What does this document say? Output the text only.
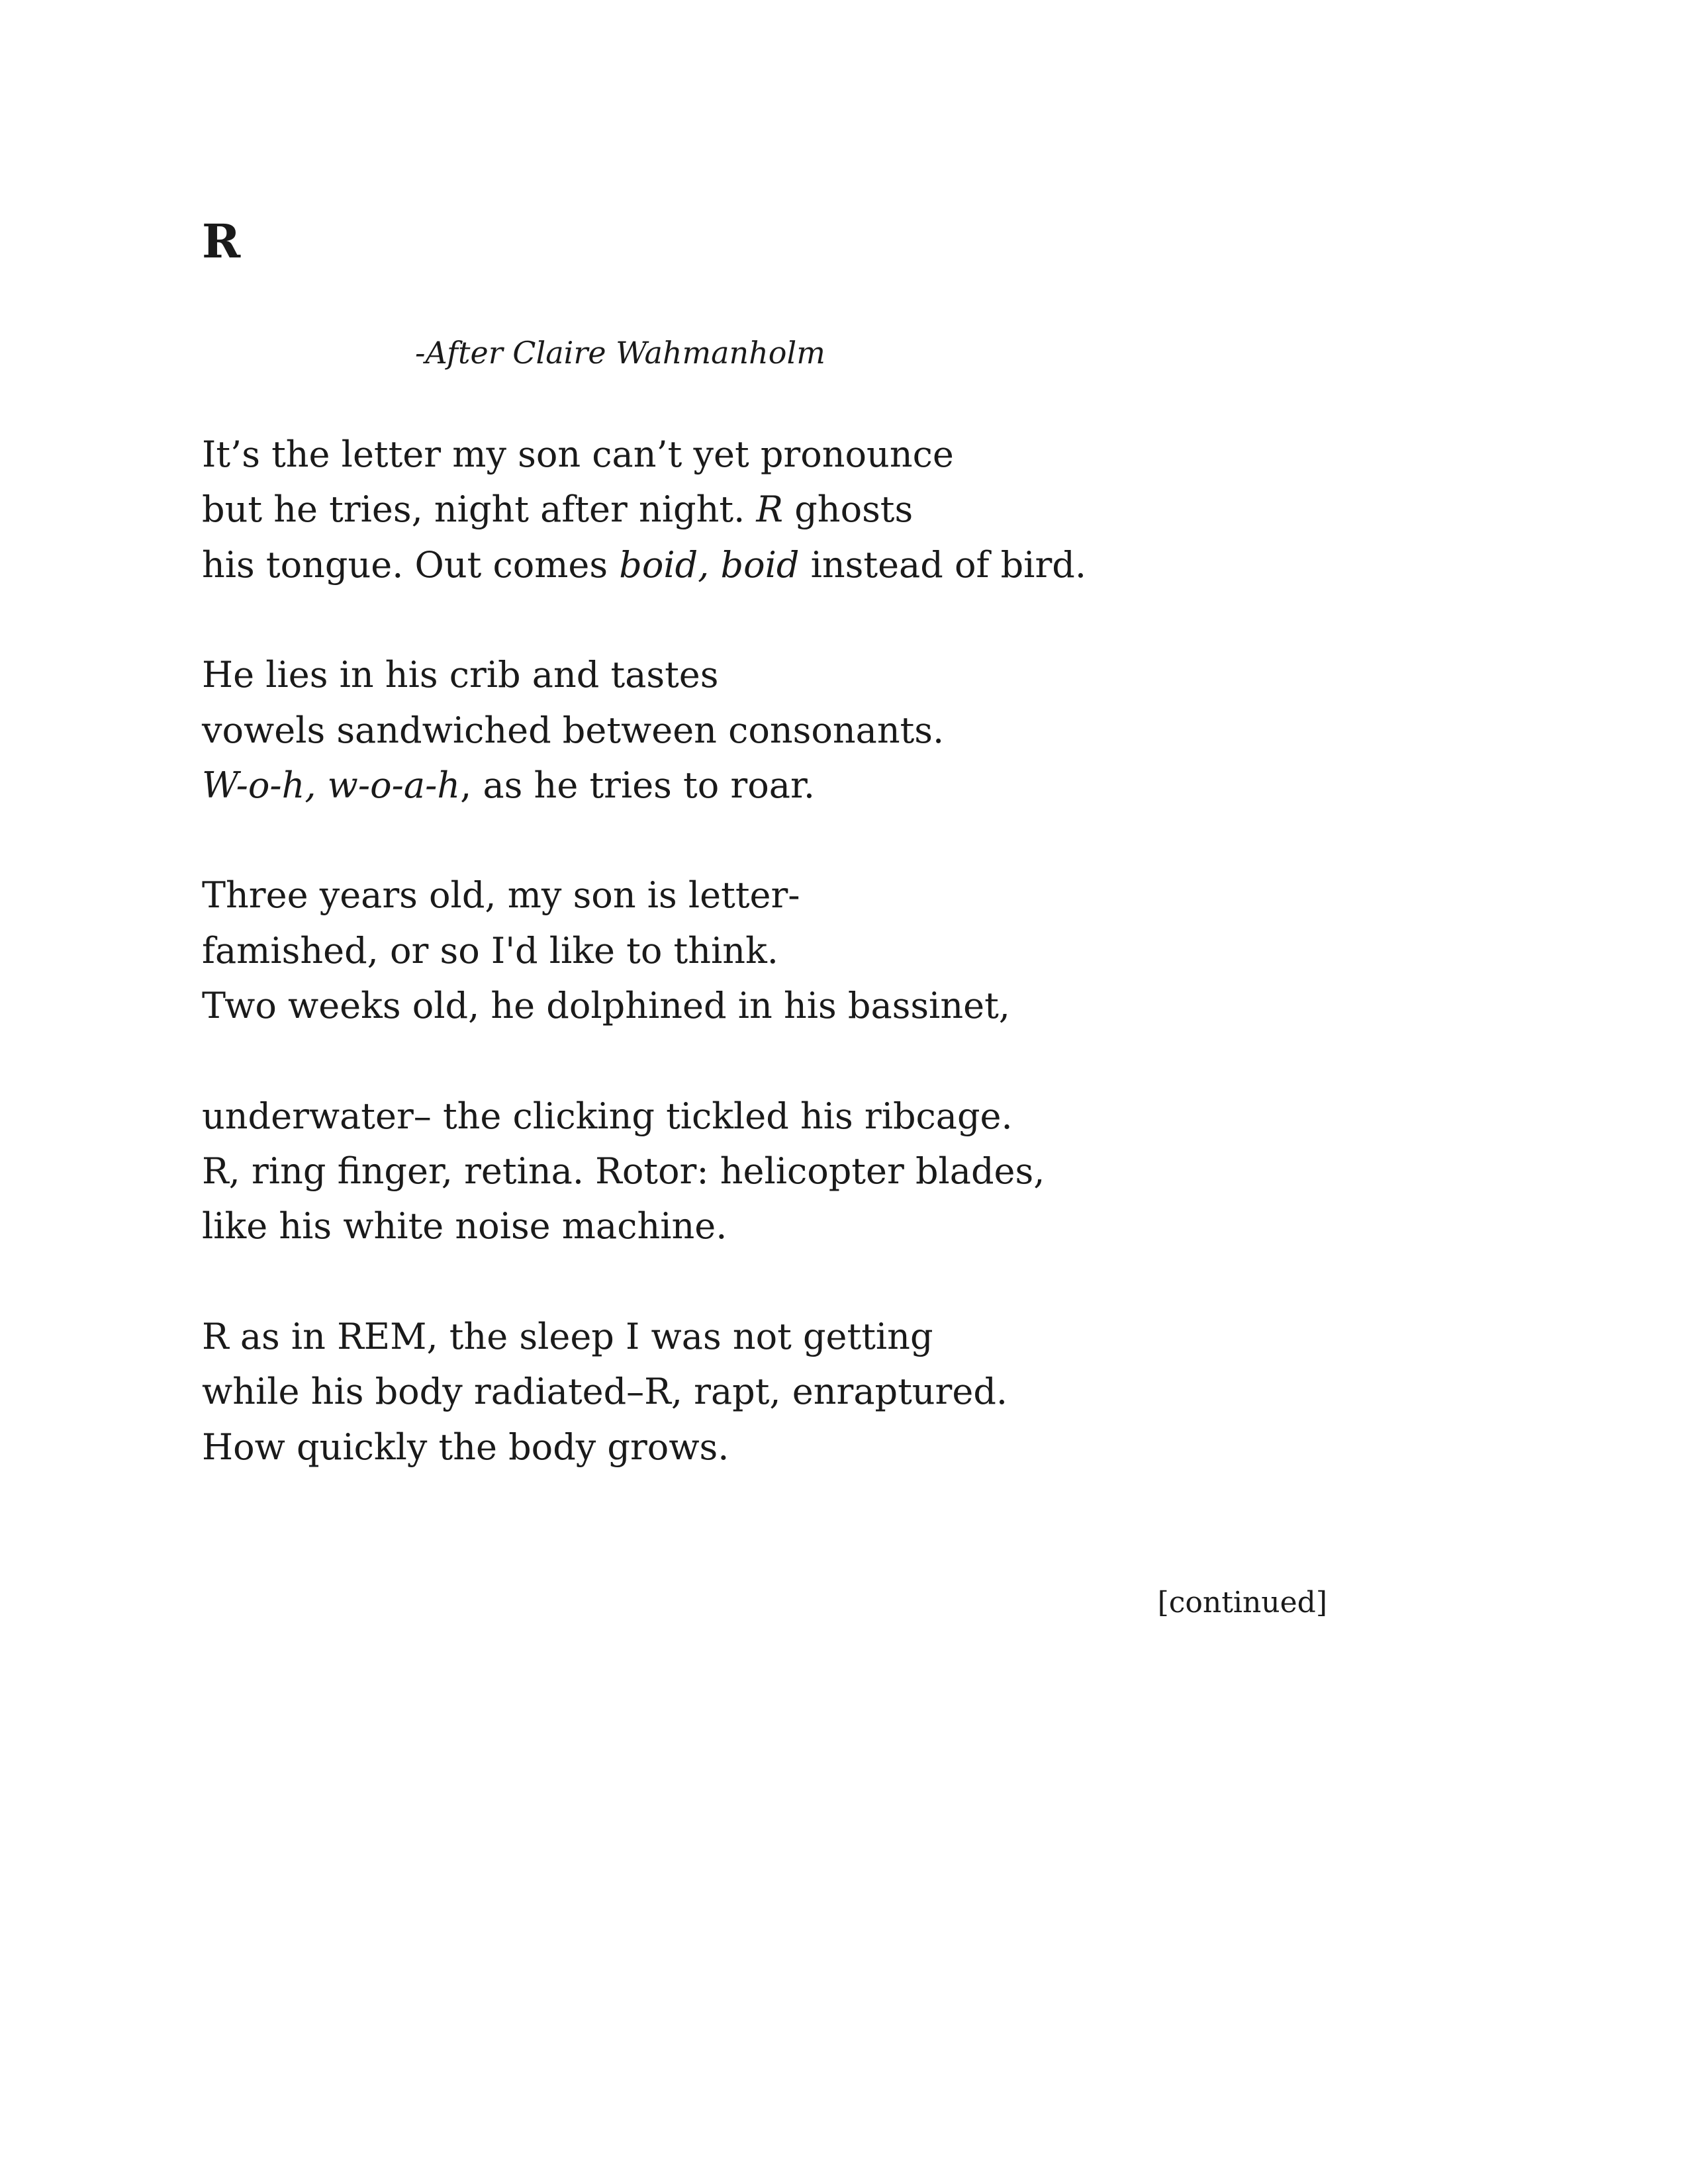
R
-After Claire Wahmanholm
It’s the letter my son can’t yet pronounce
but he tries, night after night. R ghosts
his tongue. Out comes boid, boid instead of bird.
He lies in his crib and tastes
vowels sandwiched between consonants.
W-o-h, w-o-a-h, as he tries to roar.
Three years old, my son is letter-
famished, or so I'd like to think.
Two weeks old, he dolphined in his bassinet,
underwater– the clicking tickled his ribcage.
R, ring finger, retina. Rotor: helicopter blades,
like his white noise machine.
R as in REM, the sleep I was not getting
while his body radiated–R, rapt, enraptured.
How quickly the body grows.
[continued]
